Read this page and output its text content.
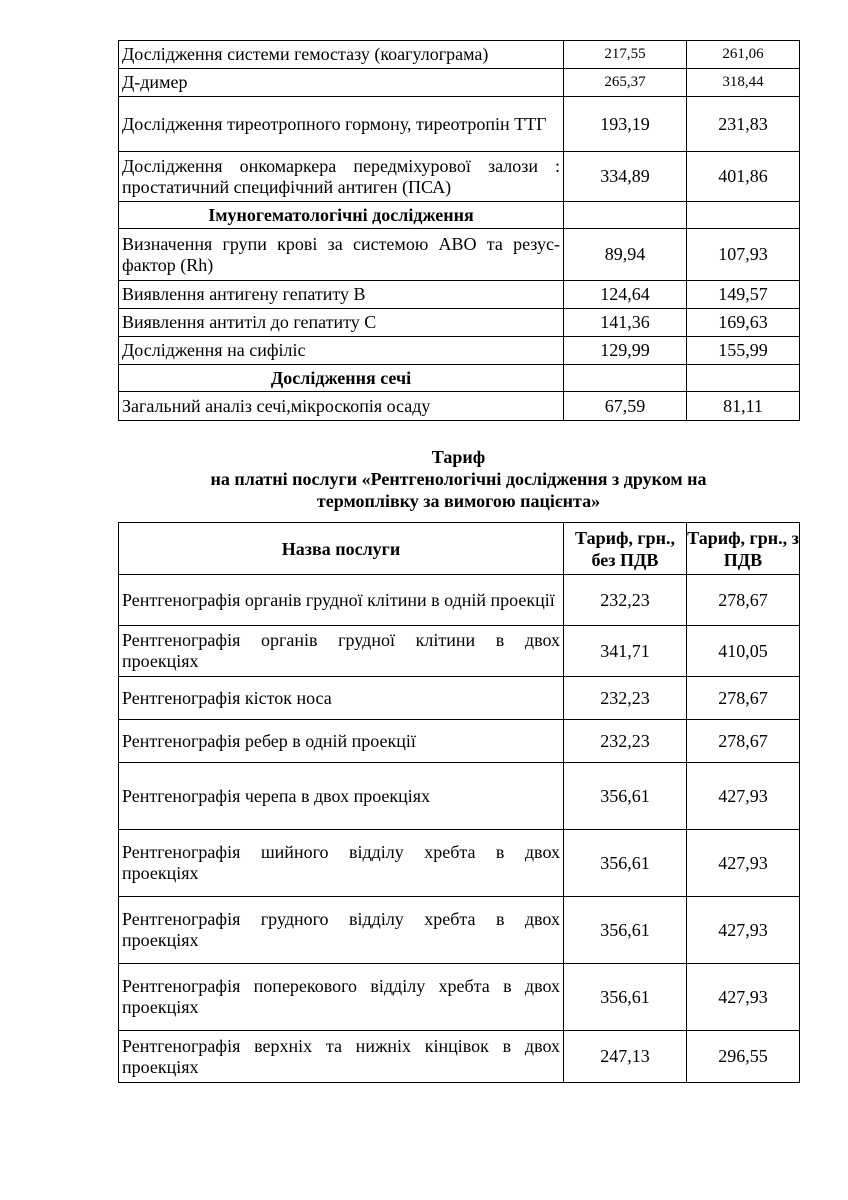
Дослідження системи гемостазу (коагулограма)	217,55	261,06
Д-димер	265,37	318,44
Дослідження тиреотропного гормону, тиреотропін ТТГ	193,19	231,83
Дослідження онкомаркера передміхурової залози : простатичний специфічний антиген (ПСА)	334,89	401,86
Імуногематологічні дослідження		
Визначення групи крові за системою АВО та резус-фактор (Rh)	89,94	107,93
Виявлення антигену гепатиту В	124,64	149,57
Виявлення антитіл до гепатиту С	141,36	169,63
Дослідження на сифіліс	129,99	155,99
Дослідження сечі		
Загальний аналіз сечі,мікроскопія осаду	67,59	81,11
Тариф
на платні послуги «Рентгенологічні дослідження з друком на
термоплівку за вимогою пацієнта»
Назва послуги	Тариф, грн., без ПДВ	Тариф, грн., з ПДВ
Рентгенографія органів грудної клітини в одній проекції	232,23	278,67
Рентгенографія органів грудної клітини в двох проекціях	341,71	410,05
Рентгенографія кісток носа	232,23	278,67
Рентгенографія ребер в одній проекції	232,23	278,67
Рентгенографія черепа в двох проекціях	356,61	427,93
Рентгенографія шийного відділу хребта в двох проекціях	356,61	427,93
Рентгенографія грудного відділу хребта в двох проекціях	356,61	427,93
Рентгенографія поперекового відділу хребта в двох проекціях	356,61	427,93
Рентгенографія верхніх та нижніх кінцівок в двох проекціях	247,13	296,55
